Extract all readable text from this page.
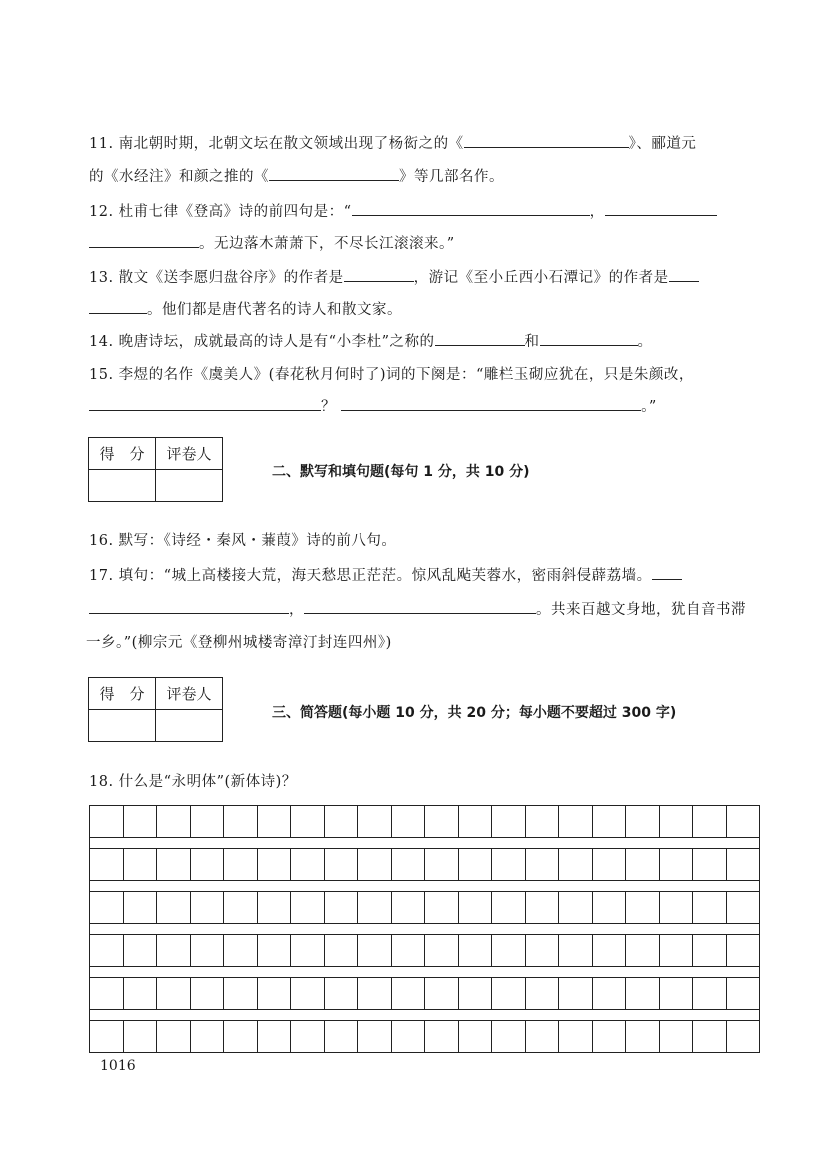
11. 南北朝时期，北朝文坛在散文领域出现了杨衒之的《	》、郦道元
的《水经注》和颜之推的《	》等几部名作。
12. 杜甫七律《登高》诗的前四句是：“	，
。无边落木萧萧下，不尽长江滚滚来。”
13. 散文《送李愿归盘谷序》的作者是	，游记《至小丘西小石潭记》的作者是
。他们都是唐代著名的诗人和散文家。
14. 晚唐诗坛，成就最高的诗人是有“小李杜”之称的	和	。
15. 李煜的名作《虞美人》(春花秋月何时了)词的下阕是：“雕栏玉砌应犹在，只是朱颜改，
？	。”
得　分	评卷人

二、默写和填句题(每句 1 分，共 10 分)
16. 默写：《诗经・秦风・蒹葭》诗的前八句。
17. 填句：“城上高楼接大荒，海天愁思正茫茫。惊风乱飐芙蓉水，密雨斜侵薜荔墙。
，	。共来百越文身地，犹自音书滞
一乡。”(柳宗元《登柳州城楼寄漳汀封连四州》)
得　分	评卷人

三、简答题(每小题 10 分，共 20 分；每小题不要超过 300 字)
18. 什么是“永明体”(新体诗)？
1016
